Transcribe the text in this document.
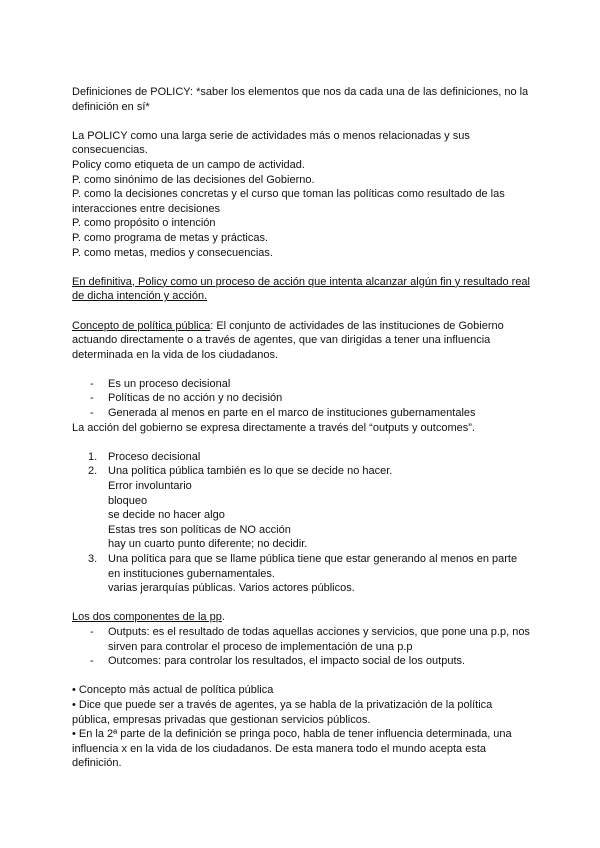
Definiciones de POLICY: *saber los elementos que nos da cada una de las definiciones, no la definición en sí*

La POLICY como una larga serie de actividades más o menos relacionadas y sus consecuencias.

Policy como etiqueta de un campo de actividad.

P. como sinónimo de las decisiones del Gobierno.

P. como la decisiones concretas y el curso que toman las políticas como resultado de las interacciones entre decisiones

P. como propósito o intención

P. como programa de metas y prácticas.

P. como metas, medios y consecuencias.

En definitiva, Policy como un proceso de acción que intenta alcanzar algún fin y resultado real de dicha intención y acción.

Concepto de política pública: El conjunto de actividades de las instituciones de Gobierno actuando directamente o a través de agentes, que van dirigidas a tener una influencia determinada en la vida de los ciudadanos.

- Es un proceso decisional
- Políticas de no acción y no decisión
- Generada al menos en parte en el marco de instituciones gubernamentales

La acción del gobierno se expresa directamente a través del “outputs y outcomes”.

1. Proceso decisional
2. Una política pública también es lo que se decide no hacer.
Error involuntario
bloqueo
se decide no hacer algo
Estas tres son políticas de NO acción
hay un cuarto punto diferente; no decidir.
3. Una política para que se llame pública tiene que estar generando al menos en parte en instituciones gubernamentales.
varias jerarquías públicas. Varios actores públicos.

Los dos componentes de la pp.

- Outputs: es el resultado de todas aquellas acciones y servicios, que pone una p.p, nos sirven para controlar el proceso de implementación de una p.p
- Outcomes: para controlar los resultados, el impacto social de los outputs.

• Concepto más actual de política pública

• Dice que puede ser a través de agentes, ya se habla de la privatización de la política pública, empresas privadas que gestionan servicios públicos.

• En la 2ª parte de la definición se pringa poco, habla de tener influencia determinada, una influencia x en la vida de los ciudadanos. De esta manera todo el mundo acepta esta definición.
